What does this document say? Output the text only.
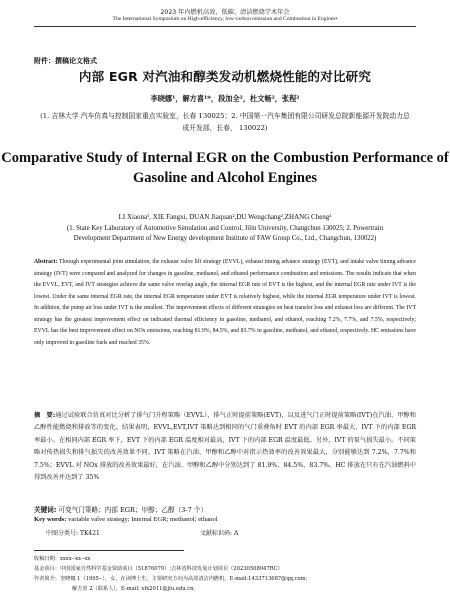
2023 年内燃机高效、低碳、清洁燃烧学术年会
The International Symposium on High-efficiency, low-carbon emission and Combustion in Engines•
附件：撰稿论文格式
内部 EGR 对汽油和醇类发动机燃烧性能的对比研究
李晓娜¹，解方喜¹*，段加全²，杜文畅²，张程²
(1. 吉林大学 汽车仿真与控制国家重点实验室，长春 130025；2. 中国第一汽车集团有限公司研发总院新能源开发院动力总成开发部，长春， 130022)
Comparative Study of Internal EGR on the Combustion Performance of Gasoline and Alcohol Engines
LI Xiaona¹, XIE Fangxi, DUAN Jiaquan²,DU Wengchang²,ZHANG Cheng²
(1. State Key Laboratory of Automotive Simulation and Control, Jilin University, Changchun 130025; 2. Powertrain Development Department of New Energy development Institute of FAW Group Co., Ltd., Changchun, 130022)
Abstract: Through experimental joint simulation, the exhaust valve lift strategy (EVVL), exhaust timing advance strategy (EVT), and intake valve timing advance strategy (IVT) were compared and analyzed for changes in gasoline, methanol, and ethanol performance combustion and emissions. The results indicate that when the EVVL, EVT, and IVT strategies achieve the same valve overlap angle, the internal EGR rate of EVT is the highest, and the internal EGR rate under IVT is the lowest. Under the same internal EGR rate, the internal EGR temperature under EVT is relatively highest, while the internal EGR temperature under IVT is lowest. In addition, the pump air loss under IVT is the smallest. The improvement effects of different strategies on heat transfer loss and exhaust loss are different. The IVT strategy has the greatest improvement effect on indicated thermal efficiency in gasoline, methanol, and ethanol, reaching 7.2%, 7.7%, and 7.5%, respectively; EVVL has the best improvement effect on NOx emissions, reaching 81.9%, 84.5%, and 83.7% in gasoline, methanol, and ethanol, respectively. HC emissions have only improved in gasoline fuels and reached 35%.
摘　要:通过试验联合仿真对比分析了排气门升程策略（EVVL），排气正时提前策略(EVT)，以及进气门正时提前策略(IVT)在汽油、甲醇和乙醇性能燃烧和排放等的变化。结果表明，EVVL,EVT,IVT 策略达到相同的气门重叠角时 EVT 的内部 EGR 率最大，IVT 下的内部 EGR 率最小。在相同内部 EGR 率下，EVT 下的内部 EGR 温度相对最高，IVT 下的内部 EGR 温度最低。另外，IVT 的泵气损失最小。不同策略对传热损失和排气损失的改善效果不同。IVT 策略在汽油、甲醇和乙醇中对指示热效率的改善效果最大，分别能够达到 7.2%，7.7%和 7.5%；EVVL 对 NOx 排放的改善效果最好，在汽油、甲醇和乙醇中分别达到了 81.9%，84.5%，83.7%。HC 排放在只有在汽油燃料中得到改善并达到了 35%
关键词: 可变气门策略；内部 EGR；甲醇；乙醇（3-7 个）
Key words: variable valve strategy; Internal EGR; methanol; ethanol
中图分类号: TK421	文献标识码: A
收稿日期：xxxx--xx--xx
基金项目：中国国家自然科学基金资助项目（51876079）;吉林省科技发展计划项目（20230508047RC）
作者简介：李晓娜 1（1995--），女，在读博士生，主要研究方向为高效清洁内燃机，E-mail:1433713687@qq.com;
解方喜 2（联系人），E-mail: xfx2011@jlu.edu.cn。
